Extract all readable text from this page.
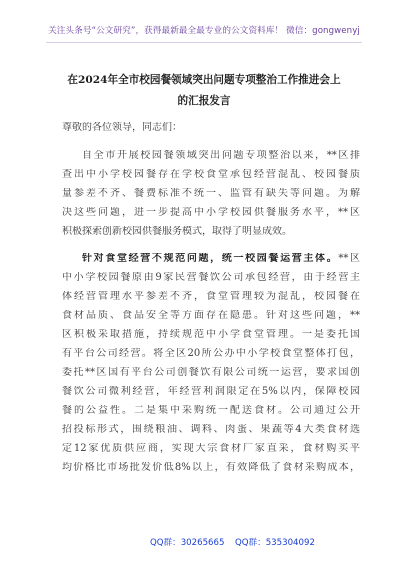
关注头条号“公文研究”，获得最新最全最专业的公文资料库！ 微信：gongwenyj
在2024年全市校园餐领域突出问题专项整治工作推进会上
的汇报发言
尊敬的各位领导，同志们：
自全市开展校园餐领域突出问题专项整治以来，**区排
查出中小学校园餐存在学校食堂承包经营混乱、校园餐质
量参差不齐、餐费标准不统一、监管有缺失等问题。为解
决这些问题，进一步提高中小学校园供餐服务水平，**区
积极探索创新校园供餐服务模式，取得了明显成效。
针对食堂经营不规范问题，统一校园餐运营主体。**区
中小学校园餐原由9家民营餐饮公司承包经营，由于经营主
体经营管理水平参差不齐，食堂管理较为混乱，校园餐在
食材品质、食品安全等方面存在隐患。针对这些问题，**
区积极采取措施，持续规范中小学食堂管理。一是委托国
有平台公司经营。将全区20所公办中小学校食堂整体打包，
委托**区国有平台公司创餐饮有限公司统一运营，要求国创
餐饮公司微利经营，年经营利润限定在5%以内，保障校园
餐的公益性。二是集中采购统一配送食材。公司通过公开
招投标形式，围绕粮油、调料、肉蛋、果蔬等4大类食材选
定12家优质供应商，实现大宗食材厂家直采，食材购买平
均价格比市场批发价低8%以上，有效降低了食材采购成本，
QQ群：30265665 QQ群：535304092
